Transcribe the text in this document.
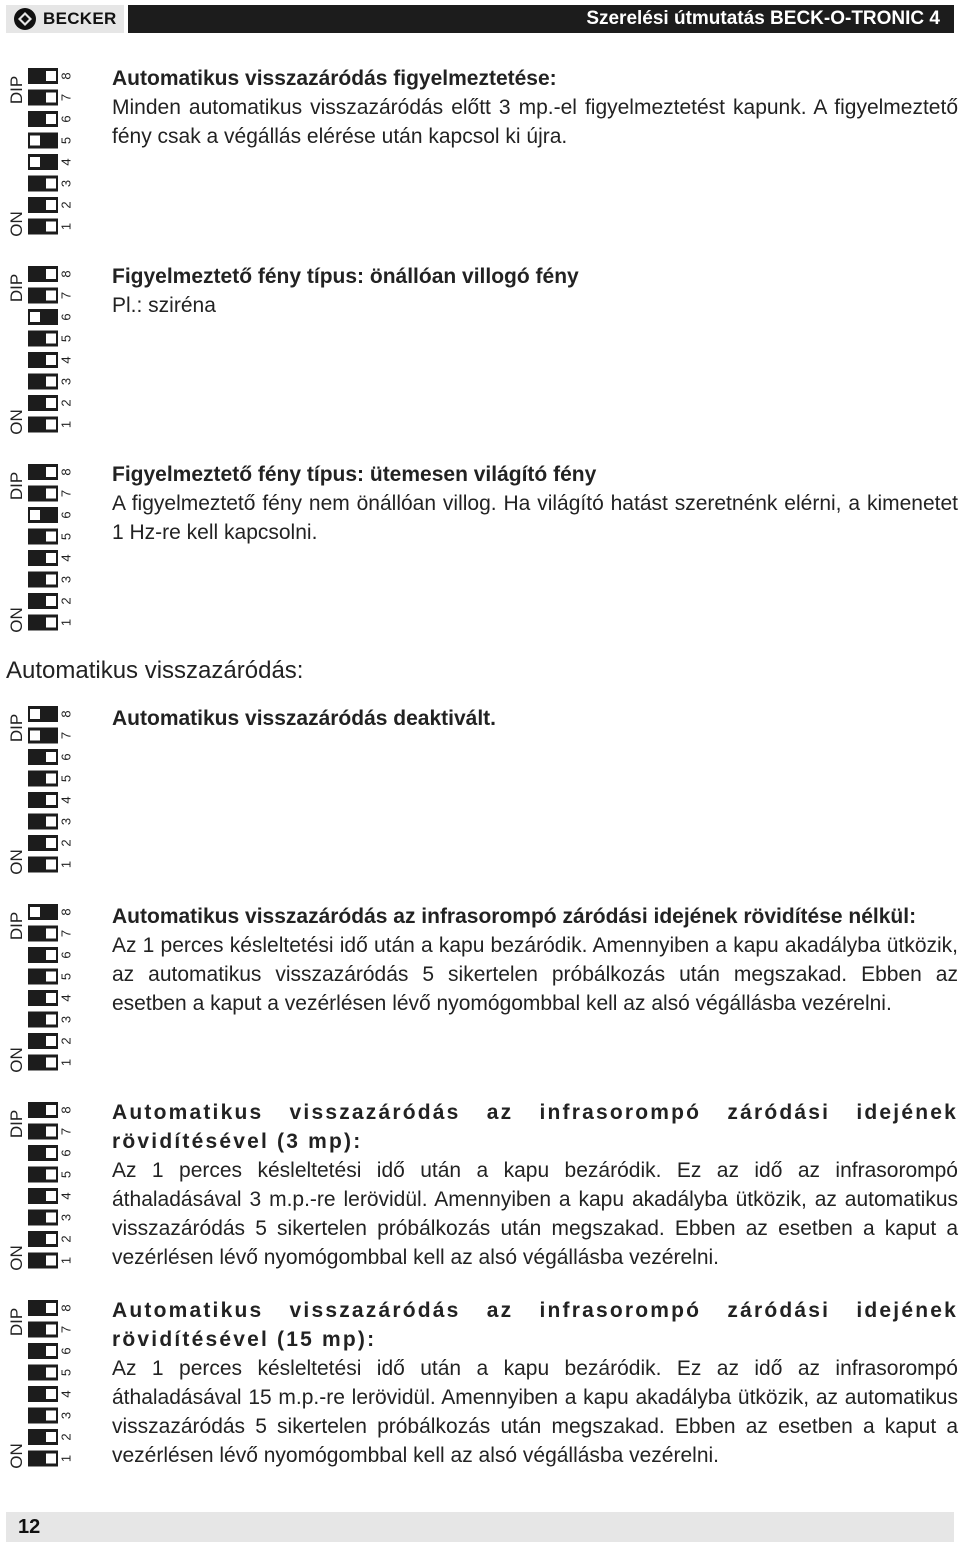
BECKER	Szerelési útmutatás BECK-O-TRONIC 4
DIP
ON 1
2
3
4
5
6
7
8
DIP
ON 1
2
3
4
5
6
7
8
DIP
ON 1
2
3
4
5
6
7
8
DIP
ON 1
2
3
4
5
6
7
8
DIP
ON 1
2
3
4
5
6
7
8
DIP
ON 1
2
3
4
5
6
7
8
DIP
ON 1
2
3
4
5
6
7
8

Automatikus visszazáródás figyelmeztetése:

Minden automatikus visszazáródás előtt 3 mp.-el figyelmeztetést kapunk. A figyelmeztető fény csak a végállás elérése után kapcsol ki újra.

Figyelmeztető fény típus: önállóan villogó fény

Pl.: sziréna

Figyelmeztető fény típus: ütemesen világító fény

A figyelmeztető fény nem önállóan villog. Ha világító hatást szeretnénk elérni, a kimenetet 1 Hz-re kell kapcsolni.

Automatikus visszazáródás:

Automatikus visszazáródás deaktivált.

Automatikus visszazáródás az infrasorompó záródási idejének rövidítése nélkül:

Az 1 perces késleltetési idő után a kapu bezáródik. Amennyiben a kapu akadályba ütközik, az automatikus visszazáródás 5 sikertelen próbálkozás után megszakad. Ebben az esetben a kaput a vezérlésen lévő nyomógombbal kell az alsó végállásba vezérelni.

Automatikus visszazáródás az infrasorompó záródási idejének rövidítésével (3 mp):

Az 1 perces késleltetési idő után a kapu bezáródik. Ez az idő az infrasorompó áthaladásával 3 m.p.-re lerövidül. Amennyiben a kapu akadályba ütközik, az automatikus visszazáródás 5 sikertelen próbálkozás után megszakad. Ebben az esetben a kaput a vezérlésen lévő nyomógombbal kell az alsó végállásba vezérelni.

Automatikus visszazáródás az infrasorompó záródási idejének rövidítésével (15 mp):

Az 1 perces késleltetési idő után a kapu bezáródik. Ez az idő az infrasorompó áthaladásával 15 m.p.-re lerövidül. Amennyiben a kapu akadályba ütközik, az automatikus visszazáródás 5 sikertelen próbálkozás után megszakad. Ebben az esetben a kaput a vezérlésen lévő nyomógombbal kell az alsó végállásba vezérelni.

12
